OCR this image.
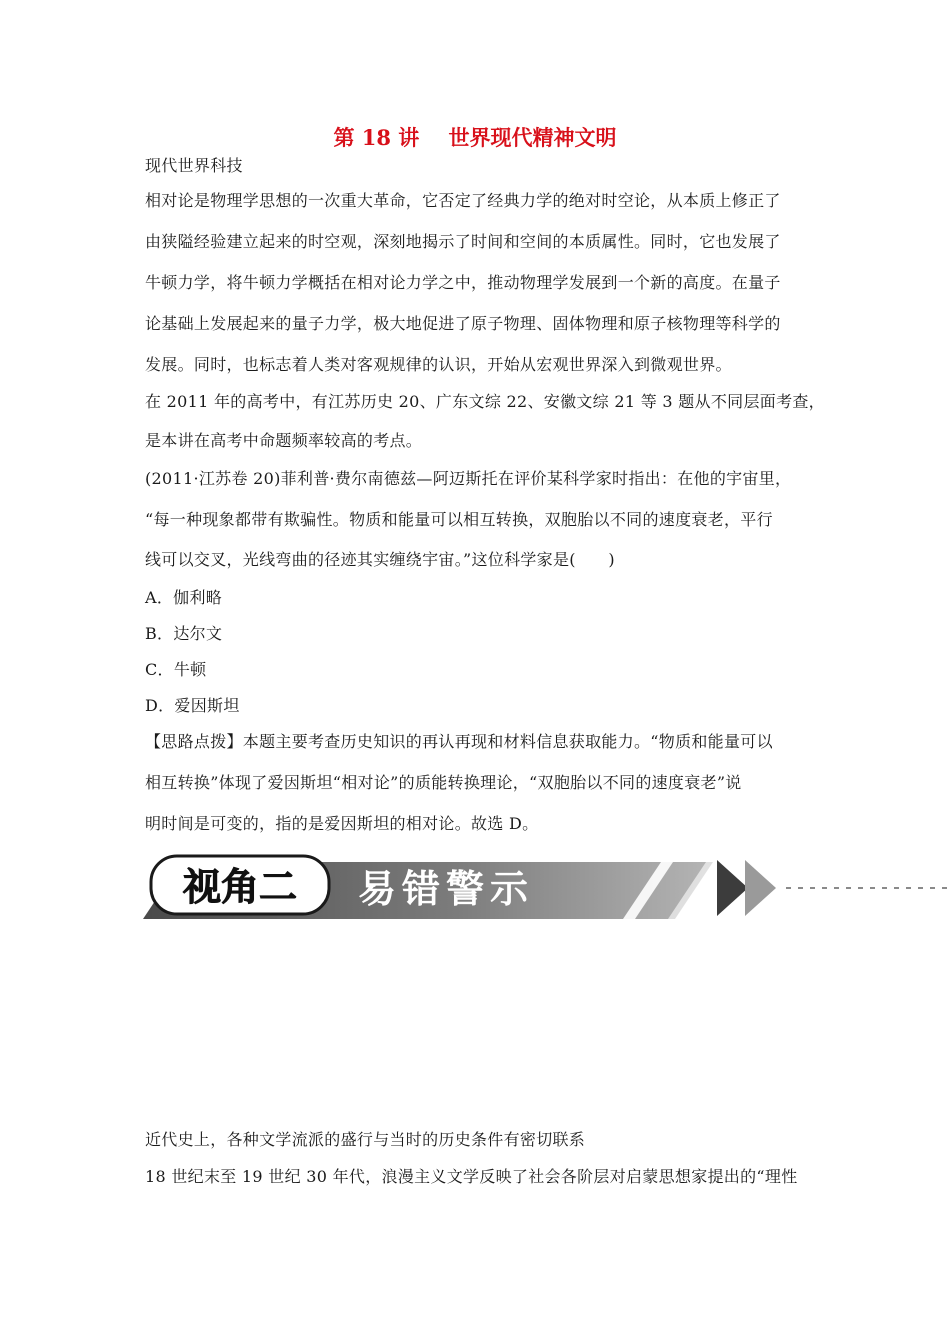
第 18 讲    世界现代精神文明
现代世界科技
相对论是物理学思想的一次重大革命，它否定了经典力学的绝对时空论，从本质上修正了
由狭隘经验建立起来的时空观，深刻地揭示了时间和空间的本质属性。同时，它也发展了
牛顿力学，将牛顿力学概括在相对论力学之中，推动物理学发展到一个新的高度。在量子
论基础上发展起来的量子力学，极大地促进了原子物理、固体物理和原子核物理等科学的
发展。同时，也标志着人类对客观规律的认识，开始从宏观世界深入到微观世界。
在 2011 年的高考中，有江苏历史 20、广东文综 22、安徽文综 21 等 3 题从不同层面考查，
是本讲在高考中命题频率较高的考点。
(2011·江苏卷 20)菲利普·费尔南德兹—阿迈斯托在评价某科学家时指出：在他的宇宙里，
“每一种现象都带有欺骗性。物质和能量可以相互转换，双胞胎以不同的速度衰老，平行
线可以交叉，光线弯曲的径迹其实缠绕宇宙。”这位科学家是(　　)
A．伽利略
B．达尔文
C．牛顿
D．爱因斯坦
【思路点拨】本题主要考查历史知识的再认再现和材料信息获取能力。“物质和能量可以
相互转换”体现了爱因斯坦“相对论”的质能转换理论，“双胞胎以不同的速度衰老”说
明时间是可变的，指的是爱因斯坦的相对论。故选 D。
视角二 易错警示
近代史上，各种文学流派的盛行与当时的历史条件有密切联系
18 世纪末至 19 世纪 30 年代，浪漫主义文学反映了社会各阶层对启蒙思想家提出的“理性
